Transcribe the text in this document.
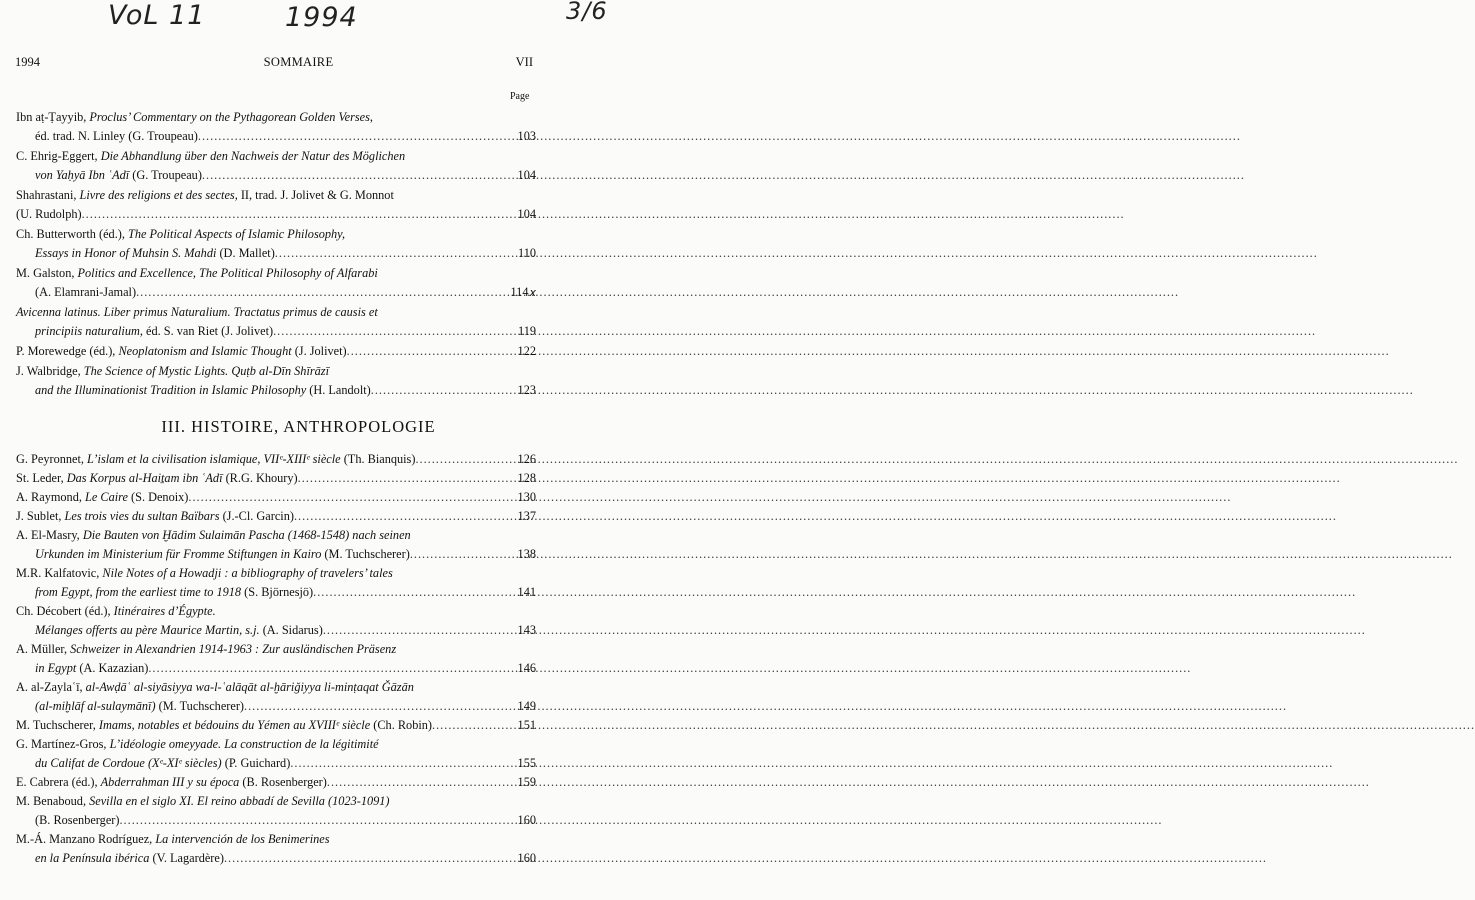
VoL 11	1994	3/6
1994	SOMMAIRE	VII
Page
Ibn aṭ-Ṭayyib, Proclus’ Commentary on the Pythagorean Golden Verses,
éd. trad. N. Linley (G. Troupeau) .....	103
C. Ehrig-Eggert, Die Abhandlung über den Nachweis der Natur des Möglichen
von Yaḥyā Ibn ʿAdī (G. Troupeau) .....	104
Shahrastani, Livre des religions et des sectes, II, trad. J. Jolivet & G. Monnot
(U. Rudolph) .....	104
Ch. Butterworth (éd.), The Political Aspects of Islamic Philosophy,
Essays in Honor of Muhsin S. Mahdi (D. Mallet) .....	110
M. Galston, Politics and Excellence, The Political Philosophy of Alfarabi
(A. Elamrani-Jamal) .....	114 x
Avicenna latinus. Liber primus Naturalium. Tractatus primus de causis et
principiis naturalium, éd. S. van Riet (J. Jolivet) .....	119
P. Morewedge (éd.), Neoplatonism and Islamic Thought (J. Jolivet) .....	122
J. Walbridge, The Science of Mystic Lights. Quṭb al-Dīn Shīrāzī
and the Illuminationist Tradition in Islamic Philosophy (H. Landolt) .....	123
III. HISTOIRE, ANTHROPOLOGIE
G. Peyronnet, L’islam et la civilisation islamique, VIIᵉ-XIIIᵉ siècle (Th. Bianquis) .....	126
St. Leder, Das Korpus al-Haiṯam ibn ʿAdī (R.G. Khoury) .....	128
A. Raymond, Le Caire (S. Denoix) .....	130
J. Sublet, Les trois vies du sultan Baïbars (J.-Cl. Garcin) .....	137
A. El-Masry, Die Bauten von Ḫādim Sulaimān Pascha (1468-1548) nach seinen
Urkunden im Ministerium für Fromme Stiftungen in Kairo (M. Tuchscherer) .....	138
M.R. Kalfatovic, Nile Notes of a Howadji : a bibliography of travelers’ tales
from Egypt, from the earliest time to 1918 (S. Björnesjö) .....	141
Ch. Décobert (éd.), Itinéraires d’Égypte.
Mélanges offerts au père Maurice Martin, s.j. (A. Sidarus) .....	143
A. Müller, Schweizer in Alexandrien 1914-1963 : Zur ausländischen Präsenz
in Egypt (A. Kazazian) .....	146
A. al-Zaylaʿī, al-Awḍāʿ al-siyāsiyya wa-l-ʿalāqāt al-ḫāriǧiyya li-minṭaqat Ǧāzān
(al-miḫlāf al-sulaymānī) (M. Tuchscherer) .....	149
M. Tuchscherer, Imams, notables et bédouins du Yémen au XVIIIᵉ siècle (Ch. Robin) .....	151
G. Martínez-Gros, L’idéologie omeyyade. La construction de la légitimité
du Califat de Cordoue (Xᵉ-XIᵉ siècles) (P. Guichard) .....	155
E. Cabrera (éd.), Abderrahman III y su época (B. Rosenberger) .....	159
M. Benaboud, Sevilla en el siglo XI. El reino abbadí de Sevilla (1023-1091)
(B. Rosenberger) .....	160
M.-Á. Manzano Rodríguez, La intervención de los Benimerines
en la Península ibérica (V. Lagardère) .....	160
